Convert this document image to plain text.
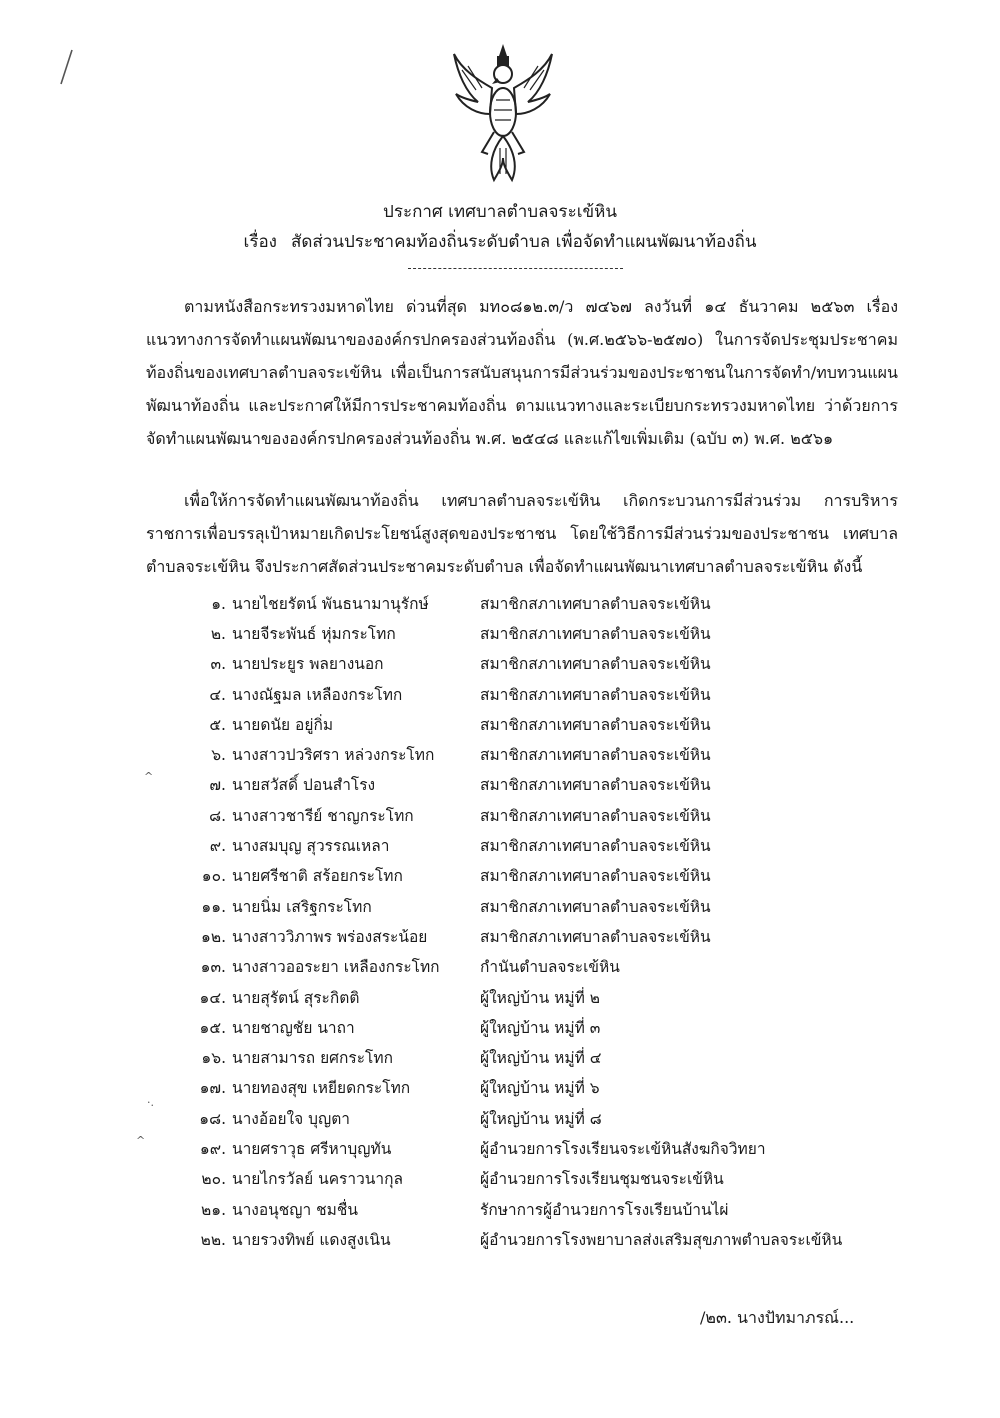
ประกาศ เทศบาลตำบลจระเข้หิน
เรื่อง สัดส่วนประชาคมท้องถิ่นระดับตำบล เพื่อจัดทำแผนพัฒนาท้องถิ่น
ตามหนังสือกระทรวงมหาดไทย ด่วนที่สุด มท๐๘๑๒.๓/ว ๗๔๖๗ ลงวันที่ ๑๔ ธันวาคม ๒๕๖๓ เรื่องแนวทางการจัดทำแผนพัฒนาขององค์กรปกครองส่วนท้องถิ่น (พ.ศ.๒๕๖๖-๒๕๗๐) ในการจัดประชุมประชาคมท้องถิ่นของเทศบาลตำบลจระเข้หิน เพื่อเป็นการสนับสนุนการมีส่วนร่วมของประชาชนในการจัดทำ/ทบทวนแผนพัฒนาท้องถิ่น และประกาศให้มีการประชาคมท้องถิ่น ตามแนวทางและระเบียบกระทรวงมหาดไทย ว่าด้วยการจัดทำแผนพัฒนาขององค์กรปกครองส่วนท้องถิ่น พ.ศ. ๒๕๔๘ และแก้ไขเพิ่มเติม (ฉบับ ๓) พ.ศ. ๒๕๖๑
เพื่อให้การจัดทำแผนพัฒนาท้องถิ่น เทศบาลตำบลจระเข้หิน เกิดกระบวนการมีส่วนร่วม การบริหารราชการเพื่อบรรลุเป้าหมายเกิดประโยชน์สูงสุดของประชาชน โดยใช้วิธีการมีส่วนร่วมของประชาชน เทศบาลตำบลจระเข้หิน จึงประกาศสัดส่วนประชาคมระดับตำบล เพื่อจัดทำแผนพัฒนาเทศบาลตำบลจระเข้หิน ดังนี้
๑. นายไชยรัตน์ พันธนามานุรักษ์	สมาชิกสภาเทศบาลตำบลจระเข้หิน
๒. นายจีระพันธ์ หุ่มกระโทก	สมาชิกสภาเทศบาลตำบลจระเข้หิน
๓. นายประยูร พลยางนอก	สมาชิกสภาเทศบาลตำบลจระเข้หิน
๔. นางณัฐมล เหลืองกระโทก	สมาชิกสภาเทศบาลตำบลจระเข้หิน
๕. นายดนัย อยู่กิ่ม	สมาชิกสภาเทศบาลตำบลจระเข้หิน
๖. นางสาวปวริศรา หล่วงกระโทก	สมาชิกสภาเทศบาลตำบลจระเข้หิน
๗. นายสวัสดิ์ ปอนสำโรง	สมาชิกสภาเทศบาลตำบลจระเข้หิน
๘. นางสาวชารีย์ ชาญกระโทก	สมาชิกสภาเทศบาลตำบลจระเข้หิน
๙. นางสมบุญ สุวรรณเหลา	สมาชิกสภาเทศบาลตำบลจระเข้หิน
๑๐. นายศรีชาติ สร้อยกระโทก	สมาชิกสภาเทศบาลตำบลจระเข้หิน
๑๑. นายนิ่ม เสริฐกระโทก	สมาชิกสภาเทศบาลตำบลจระเข้หิน
๑๒. นางสาววิภาพร พร่องสระน้อย	สมาชิกสภาเทศบาลตำบลจระเข้หิน
๑๓. นางสาวออระยา เหลืองกระโทก	กำนันตำบลจระเข้หิน
๑๔. นายสุรัตน์ สุระกิตติ	ผู้ใหญ่บ้าน หมู่ที่ ๒
๑๕. นายชาญชัย นาถา	ผู้ใหญ่บ้าน หมู่ที่ ๓
๑๖. นายสามารถ ยศกระโทก	ผู้ใหญ่บ้าน หมู่ที่ ๔
๑๗. นายทองสุข เหยียดกระโทก	ผู้ใหญ่บ้าน หมู่ที่ ๖
๑๘. นางอ้อยใจ บุญตา	ผู้ใหญ่บ้าน หมู่ที่ ๘
๑๙. นายศราวุธ ศรีหาบุญทัน	ผู้อำนวยการโรงเรียนจระเข้หินสังฆกิจวิทยา
๒๐. นายไกรวัลย์ นคราวนากุล	ผู้อำนวยการโรงเรียนชุมชนจระเข้หิน
๒๑. นางอนุชญา ชมชื่น	รักษาการผู้อำนวยการโรงเรียนบ้านไผ่
๒๒. นายรวงทิพย์ แดงสูงเนิน	ผู้อำนวยการโรงพยาบาลส่งเสริมสุขภาพตำบลจระเข้หิน
/๒๓. นางปัทมาภรณ์...
^
^
·.
